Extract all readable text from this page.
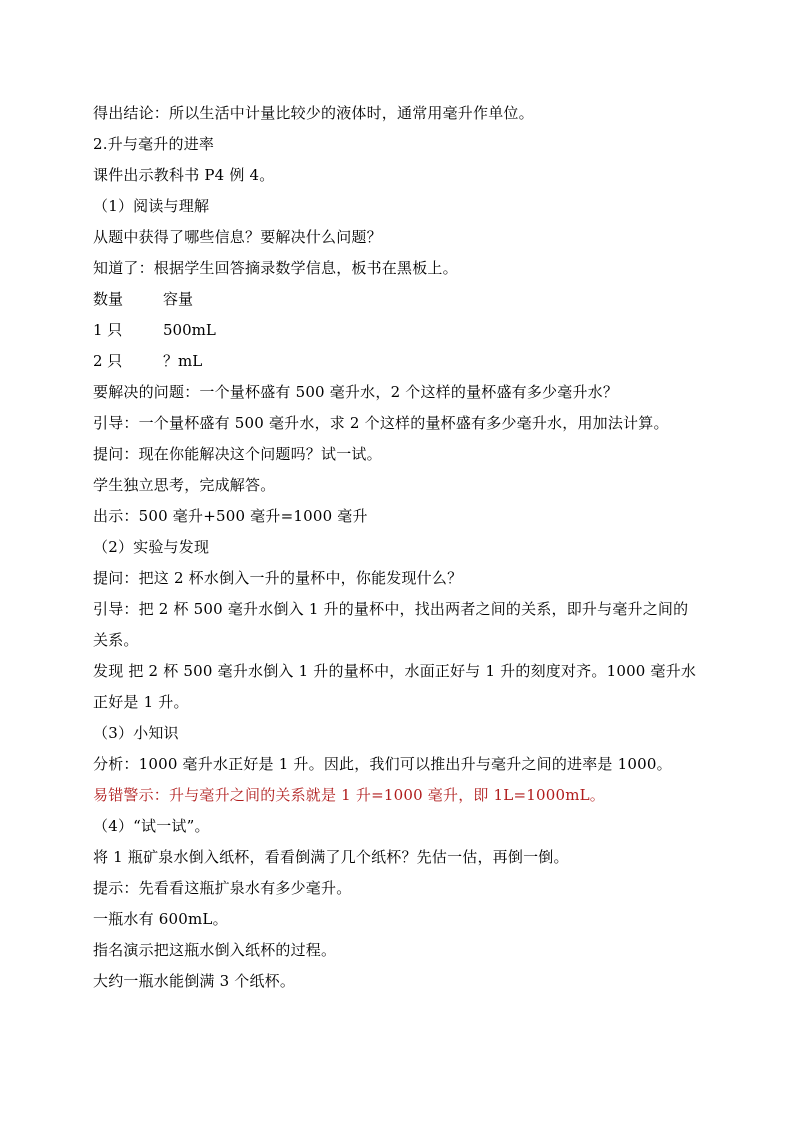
得出结论：所以生活中计量比较少的液体时，通常用毫升作单位。
2.升与毫升的进率
课件出示教科书 P4 例 4。
（1）阅读与理解
从题中获得了哪些信息？要解决什么问题？
知道了：根据学生回答摘录数学信息，板书在黑板上。
数量	容量
1 只	500mL
2 只	？mL
要解决的问题：一个量杯盛有 500 毫升水，2 个这样的量杯盛有多少毫升水？
引导：一个量杯盛有 500 毫升水，求 2 个这样的量杯盛有多少毫升水，用加法计算。
提问：现在你能解决这个问题吗？试一试。
学生独立思考，完成解答。
出示：500 毫升+500 毫升=1000 毫升
（2）实验与发现
提问：把这 2 杯水倒入一升的量杯中，你能发现什么？
引导：把 2 杯 500 毫升水倒入 1 升的量杯中，找出两者之间的关系，即升与毫升之间的
关系。
发现 把 2 杯 500 毫升水倒入 1 升的量杯中，水面正好与 1 升的刻度对齐。1000 毫升水
正好是 1 升。
（3）小知识
分析：1000 毫升水正好是 1 升。因此，我们可以推出升与毫升之间的进率是 1000。
易错警示：升与毫升之间的关系就是 1 升=1000 毫升，即 1L=1000mL。
（4）“试一试”。
将 1 瓶矿泉水倒入纸杯，看看倒满了几个纸杯？先估一估，再倒一倒。
提示：先看看这瓶扩泉水有多少毫升。
一瓶水有 600mL。
指名演示把这瓶水倒入纸杯的过程。
大约一瓶水能倒满 3 个纸杯。
